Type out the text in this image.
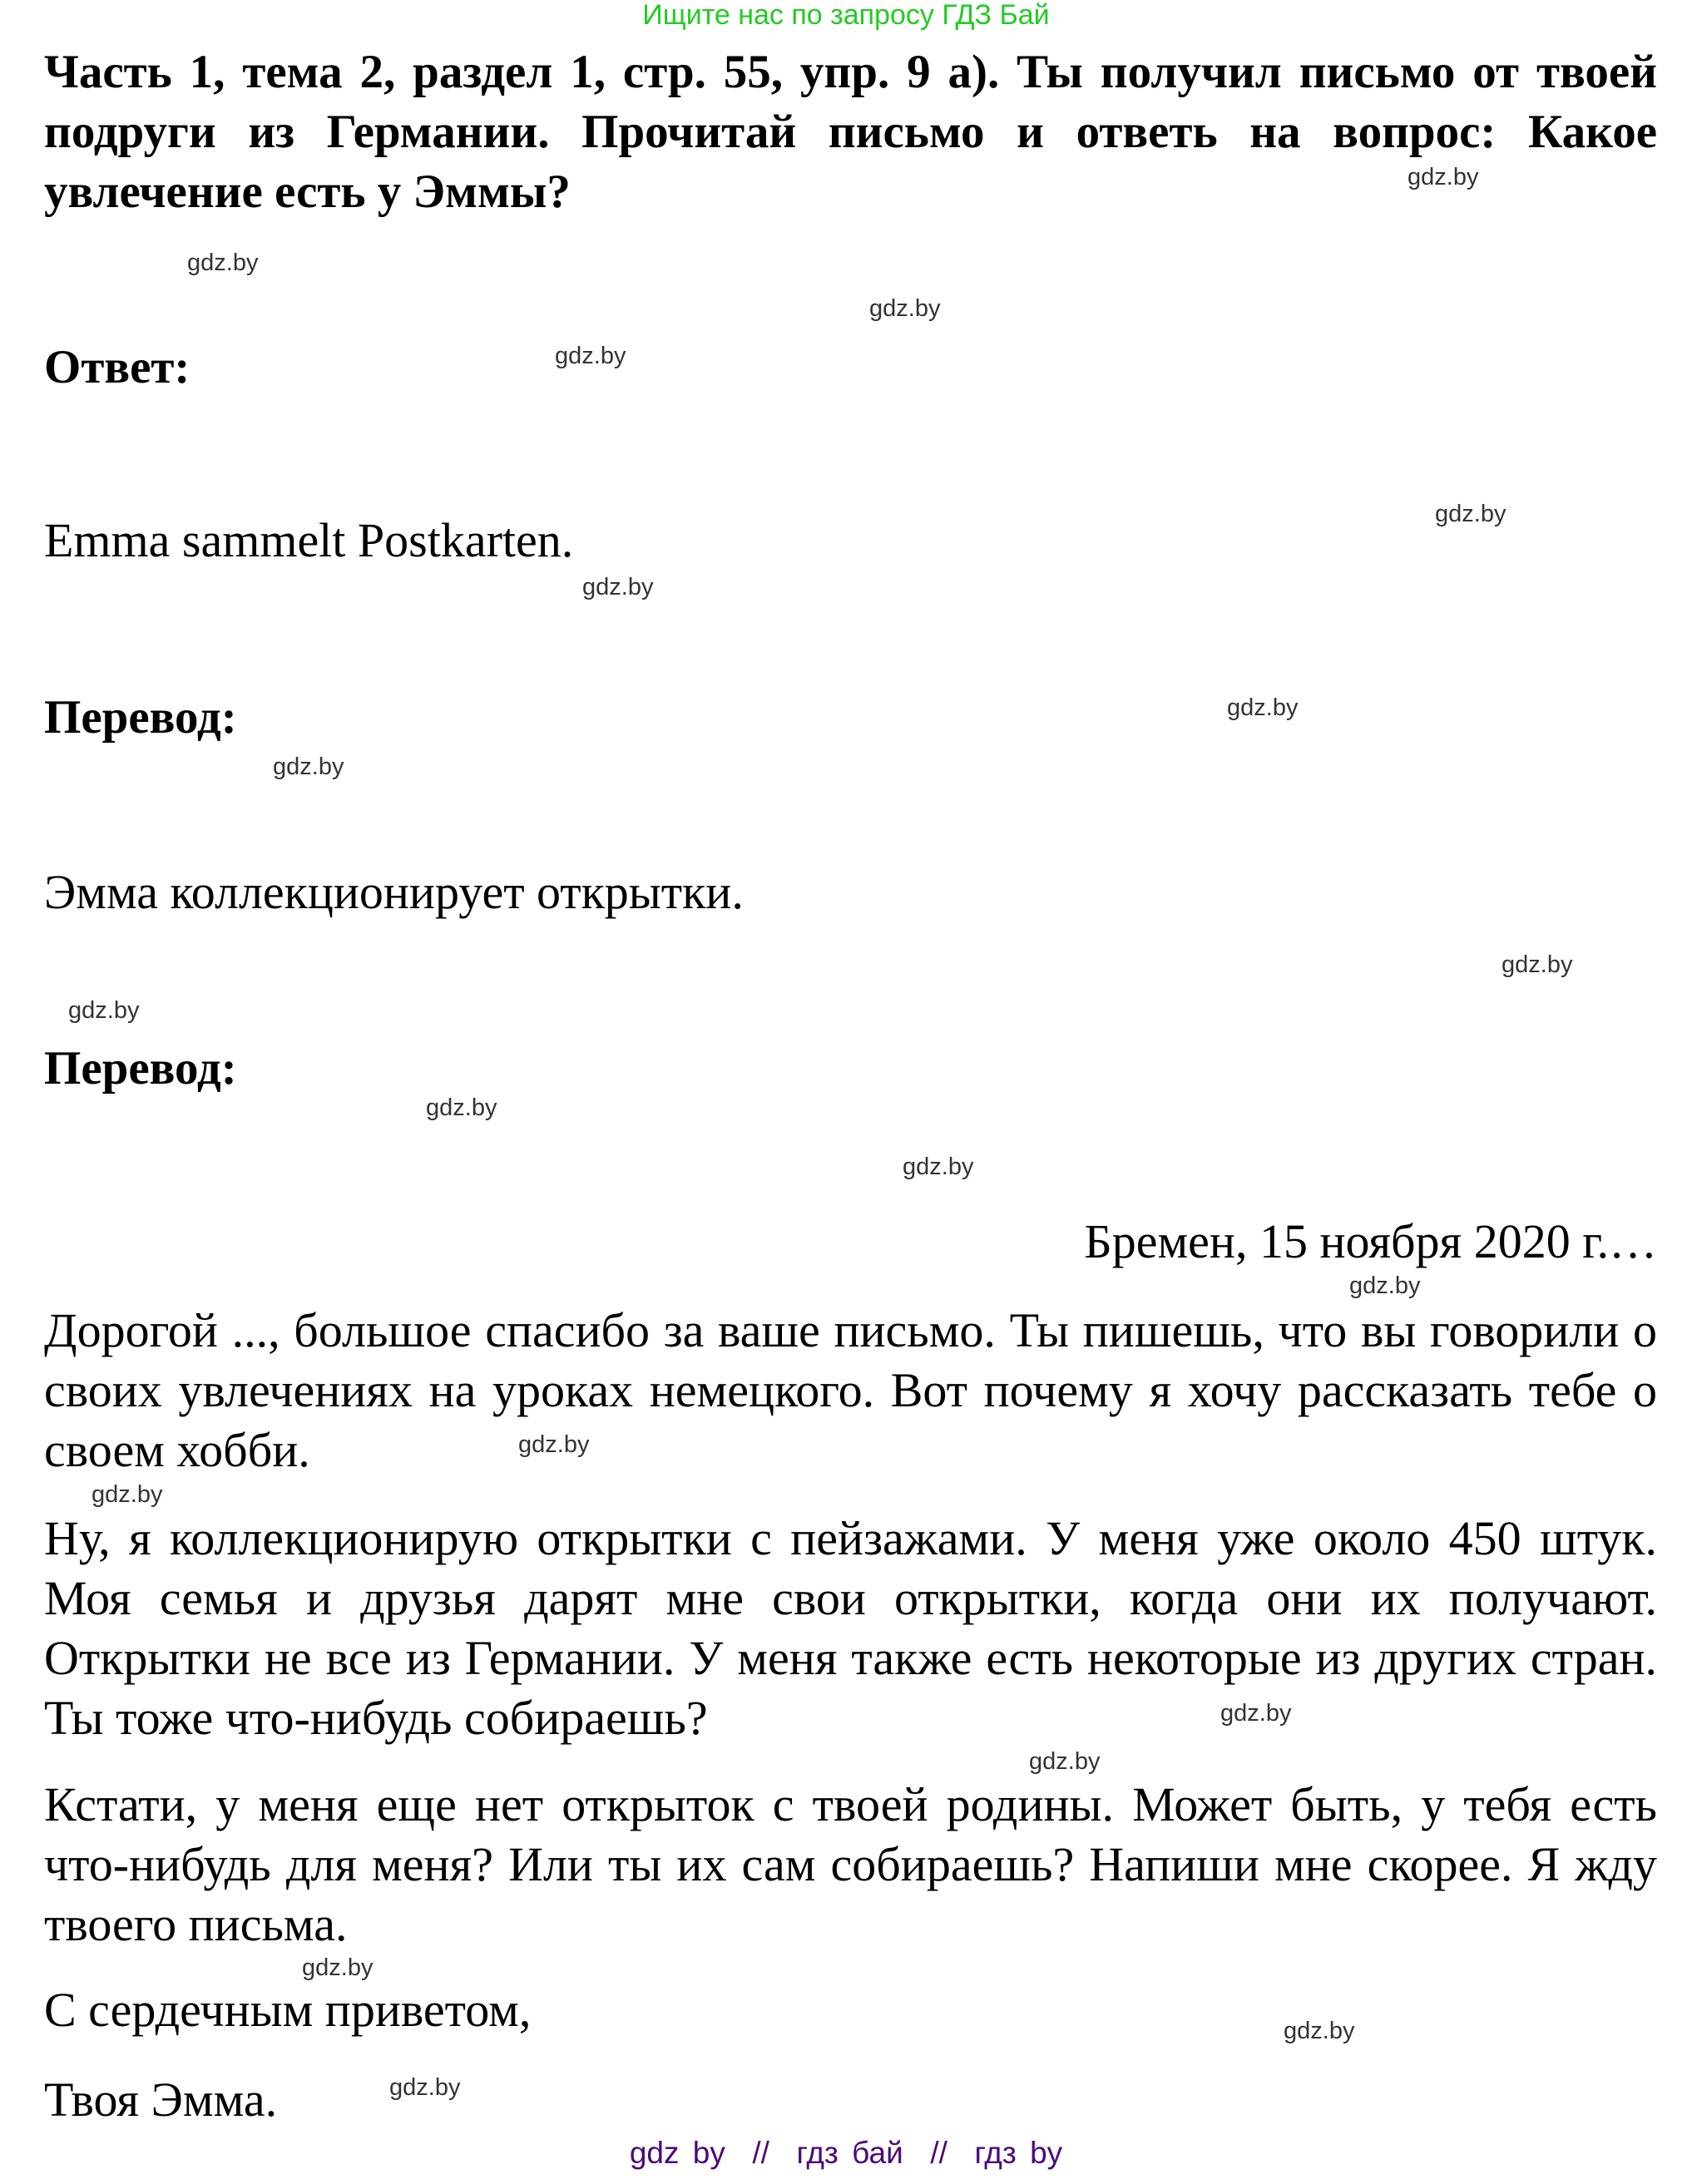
Ищите нас по запросу ГДЗ Бай
Часть 1, тема 2, раздел 1, стр. 55, упр. 9 а). Ты получил письмо от твоей
подруги из Германии. Прочитай письмо и ответь на вопрос: Какое
увлечение есть у Эммы?
Ответ:
Emma sammelt Postkarten.
Перевод:
Эмма коллекционирует открытки.
Перевод:
Бремен, 15 ноября 2020 г.…
Дорогой ..., большое спасибо за ваше письмо. Ты пишешь, что вы говорили о
своих увлечениях на уроках немецкого. Вот почему я хочу рассказать тебе о
своем хобби.
Ну, я коллекционирую открытки с пейзажами. У меня уже около 450 штук.
Моя семья и друзья дарят мне свои открытки, когда они их получают.
Открытки не все из Германии. У меня также есть некоторые из других стран.
Ты тоже что-нибудь собираешь?
Кстати, у меня еще нет открыток с твоей родины. Может быть, у тебя есть
что-нибудь для меня? Или ты их сам собираешь? Напиши мне скорее. Я жду
твоего письма.
С сердечным приветом,
Твоя Эмма.
gdz.by
gdz.by
gdz.by
gdz.by
gdz.by
gdz.by
gdz.by
gdz.by
gdz.by
gdz.by
gdz.by
gdz.by
gdz.by
gdz.by
gdz.by
gdz.by
gdz.by
gdz.by
gdz.by
gdz.by
gdz by  //  гдз бай  //  гдз by
